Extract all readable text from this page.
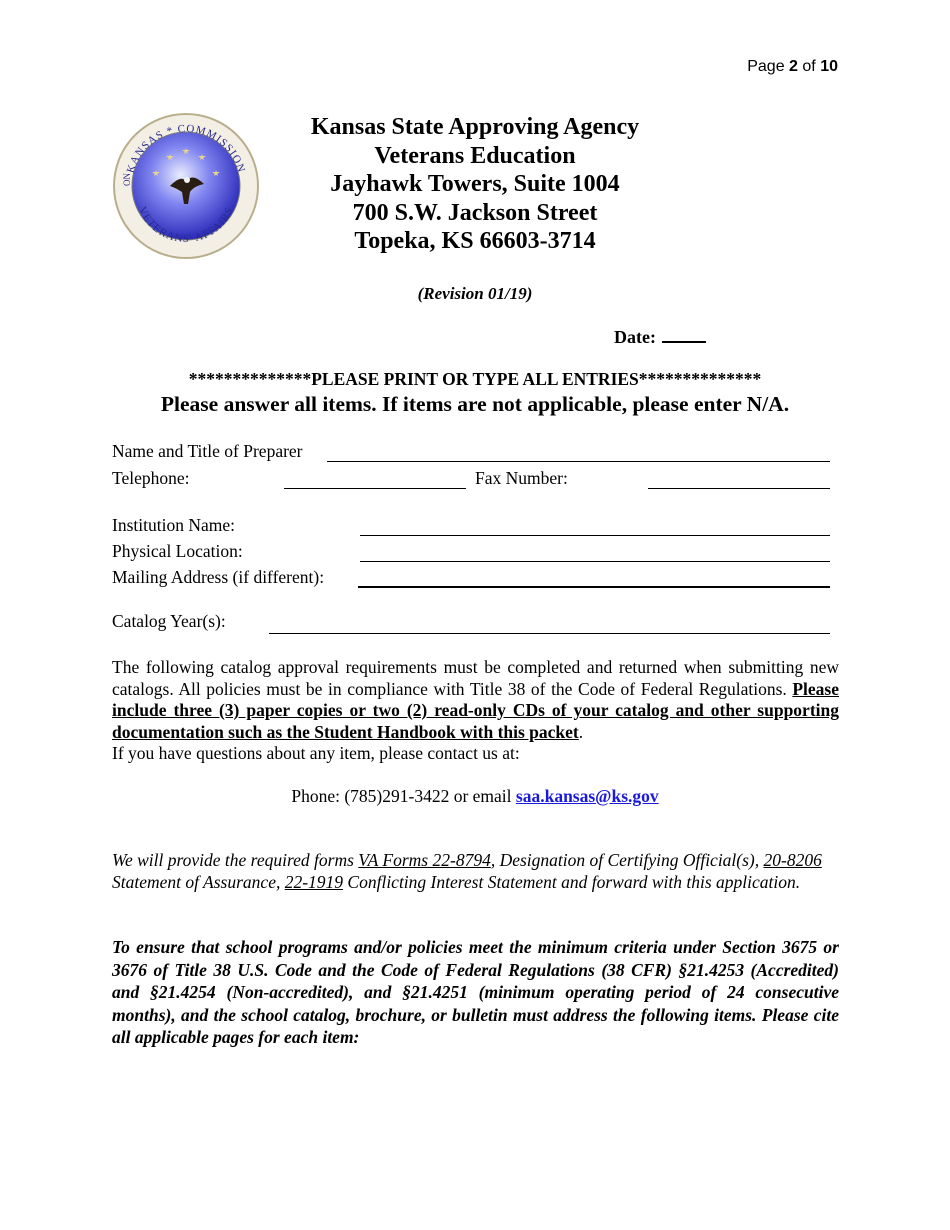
Page 2 of 10
KANSAS * COMMISSION
VETERANS' AFFAIRS
ON
Kansas State Approving Agency
Veterans Education
Jayhawk Towers, Suite 1004
700 S.W. Jackson Street
Topeka, KS 66603-3714
(Revision 01/19)
Date:
**************PLEASE PRINT OR TYPE ALL ENTRIES**************
Please answer all items. If items are not applicable, please enter N/A.
Name and Title of Preparer
Telephone:	Fax Number:
Institution Name:
Physical Location:
Mailing Address (if different):
Catalog Year(s):
The following catalog approval requirements must be completed and returned when submitting new catalogs. All policies must be in compliance with Title 38 of the Code of Federal Regulations. Please include three (3) paper copies or two (2) read-only CDs of your catalog and other supporting documentation such as the Student Handbook with this packet.
If you have questions about any item, please contact us at:
Phone: (785)291-3422 or email saa.kansas@ks.gov
We will provide the required forms VA Forms 22-8794, Designation of Certifying Official(s), 20-8206 Statement of Assurance, 22-1919 Conflicting Interest Statement and forward with this application.
To ensure that school programs and/or policies meet the minimum criteria under Section 3675 or 3676 of Title 38 U.S. Code and the Code of Federal Regulations (38 CFR) §21.4253 (Accredited) and §21.4254 (Non-accredited), and §21.4251 (minimum operating period of 24 consecutive months), and the school catalog, brochure, or bulletin must address the following items. Please cite all applicable pages for each item:
